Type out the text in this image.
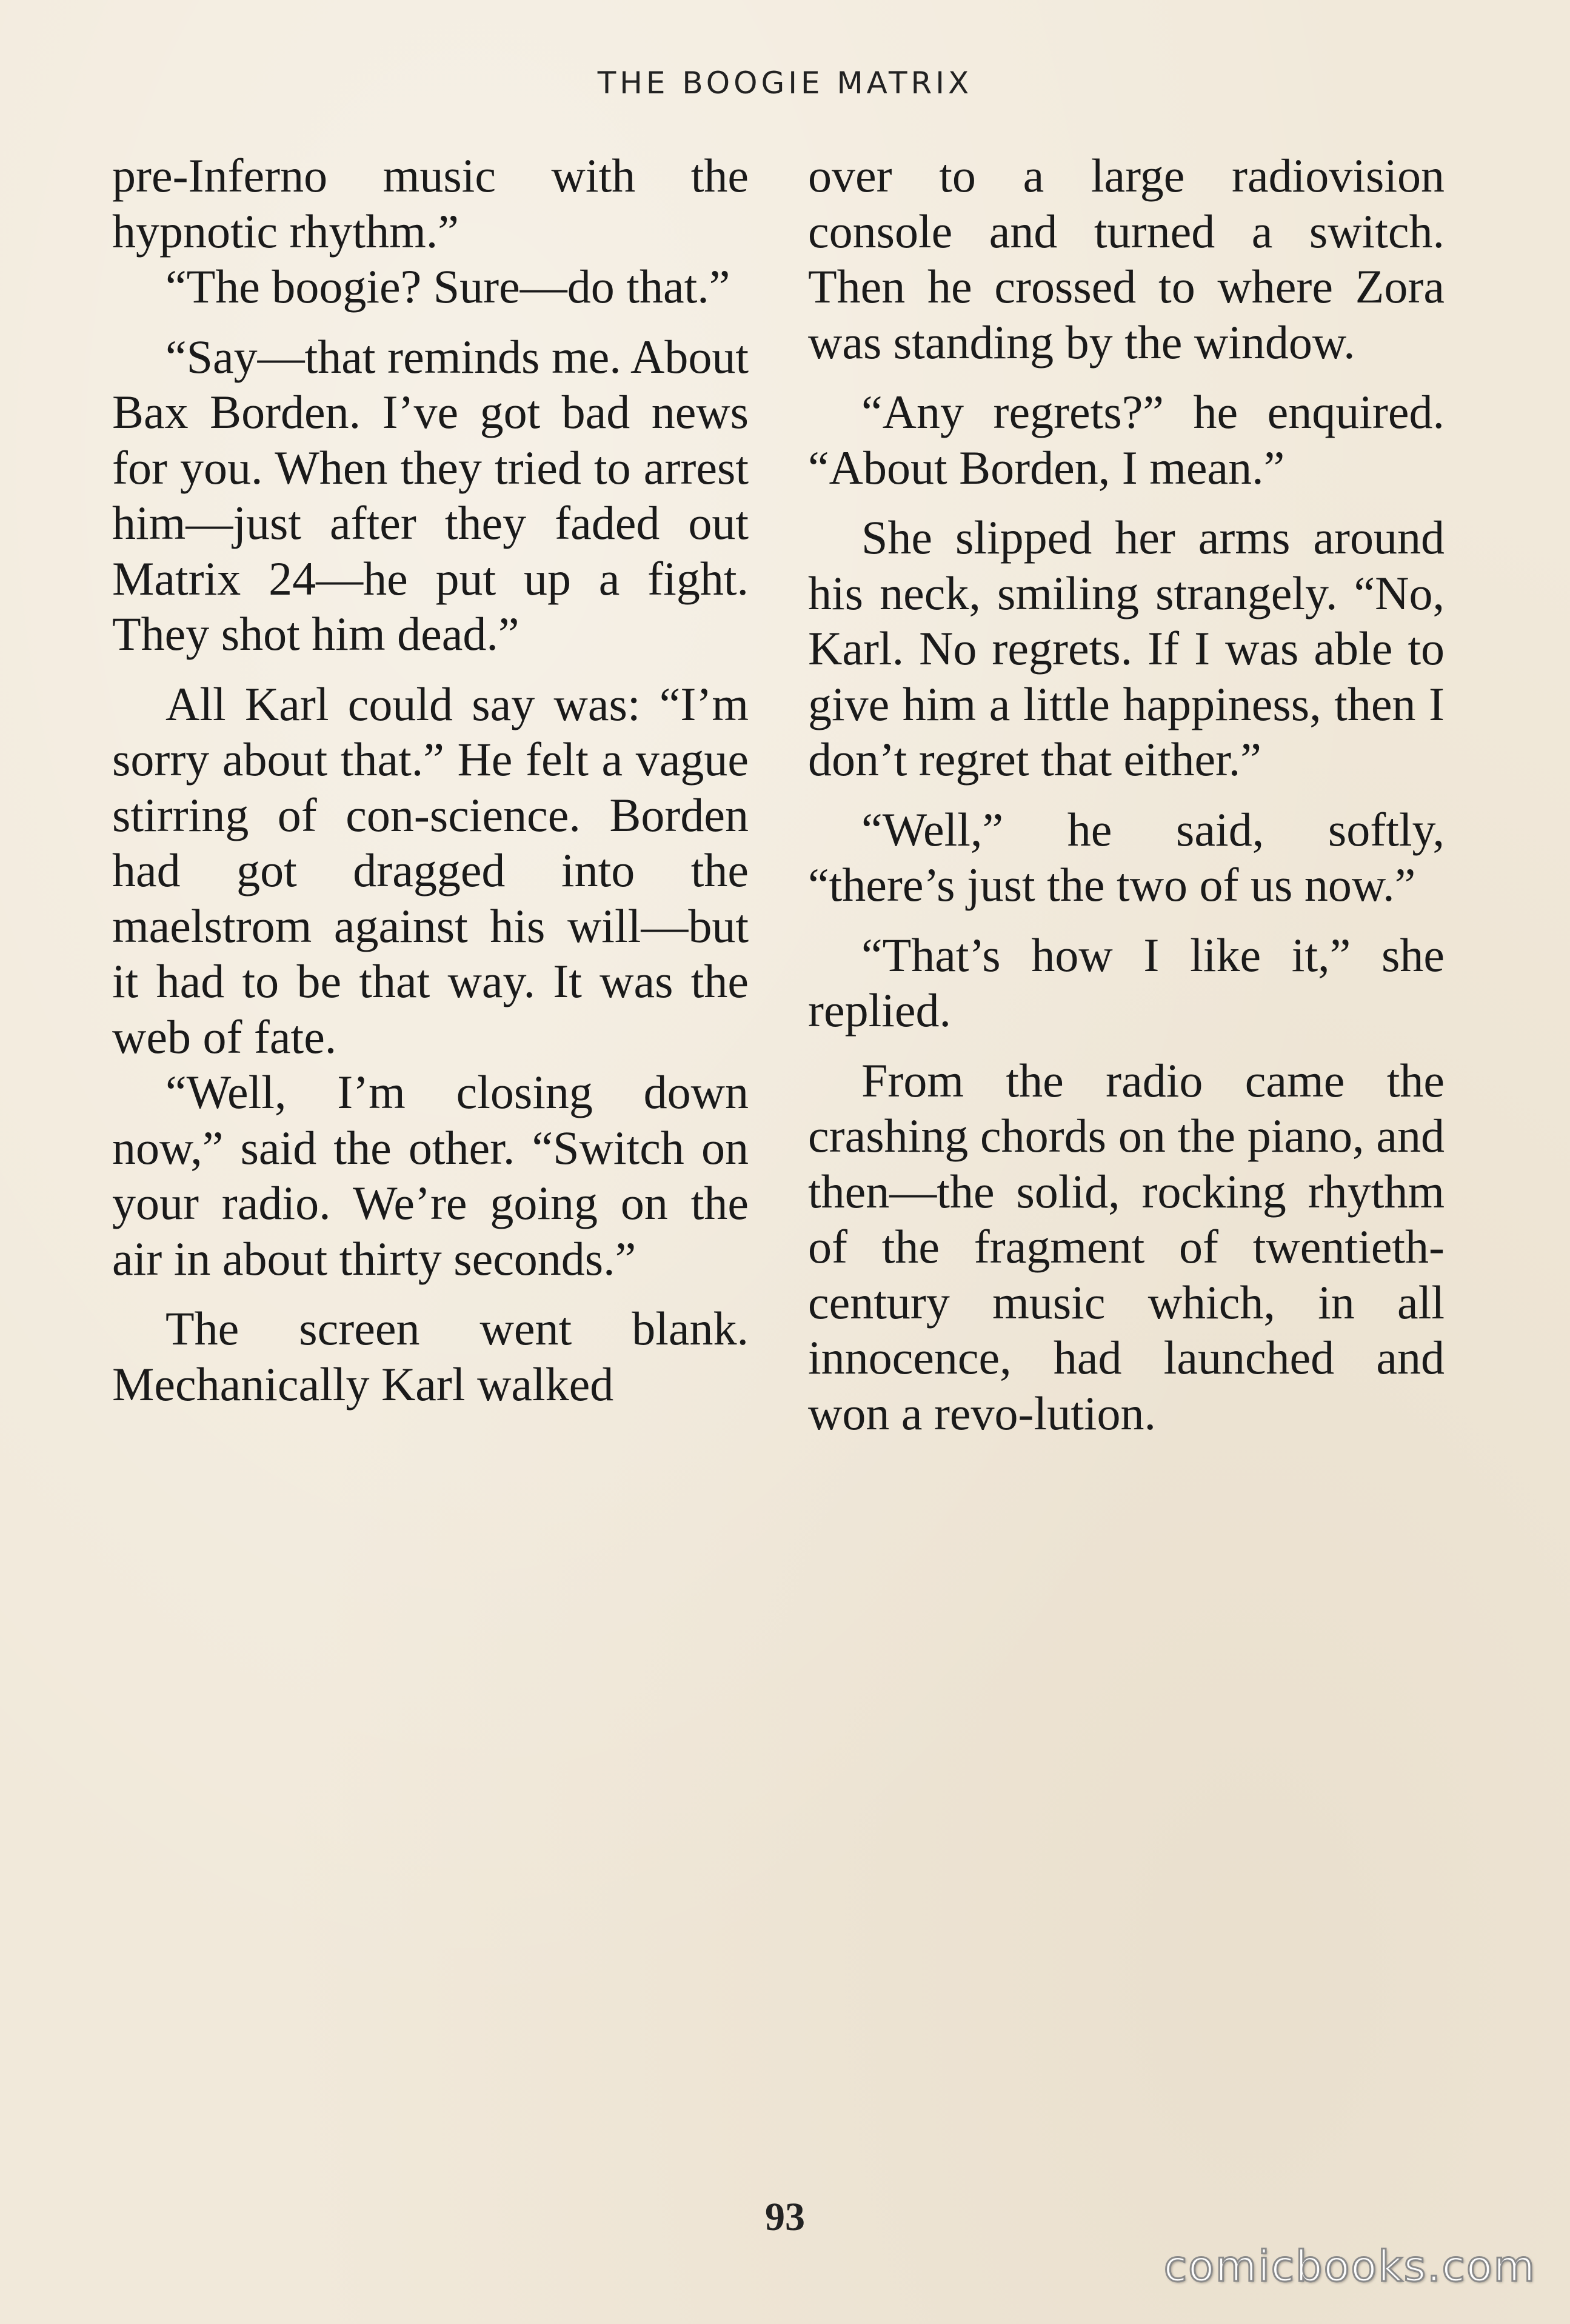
THE BOOGIE MATRIX

pre-Inferno music with the hypnotic rhythm.”

“The boogie? Sure—do that.”

“Say—that reminds me. About Bax Borden. I’ve got bad news for you. When they tried to arrest him—just after they faded out Matrix 24—he put up a fight. They shot him dead.”

All Karl could say was: “I’m sorry about that.” He felt a vague stirring of con-science. Borden had got dragged into the maelstrom against his will—but it had to be that way. It was the web of fate.

“Well, I’m closing down now,” said the other. “Switch on your radio. We’re going on the air in about thirty seconds.”

The screen went blank. Mechanically Karl walked

over to a large radiovision console and turned a switch. Then he crossed to where Zora was standing by the window.

“Any regrets?” he enquired. “About Borden, I mean.”

She slipped her arms around his neck, smiling strangely. “No, Karl. No regrets. If I was able to give him a little happiness, then I don’t regret that either.”

“Well,” he said, softly, “there’s just the two of us now.”

“That’s how I like it,” she replied.

From the radio came the crashing chords on the piano, and then—the solid, rocking rhythm of the fragment of twentieth-century music which, in all innocence, had launched and won a revo-lution.

93
comicbooks.com
